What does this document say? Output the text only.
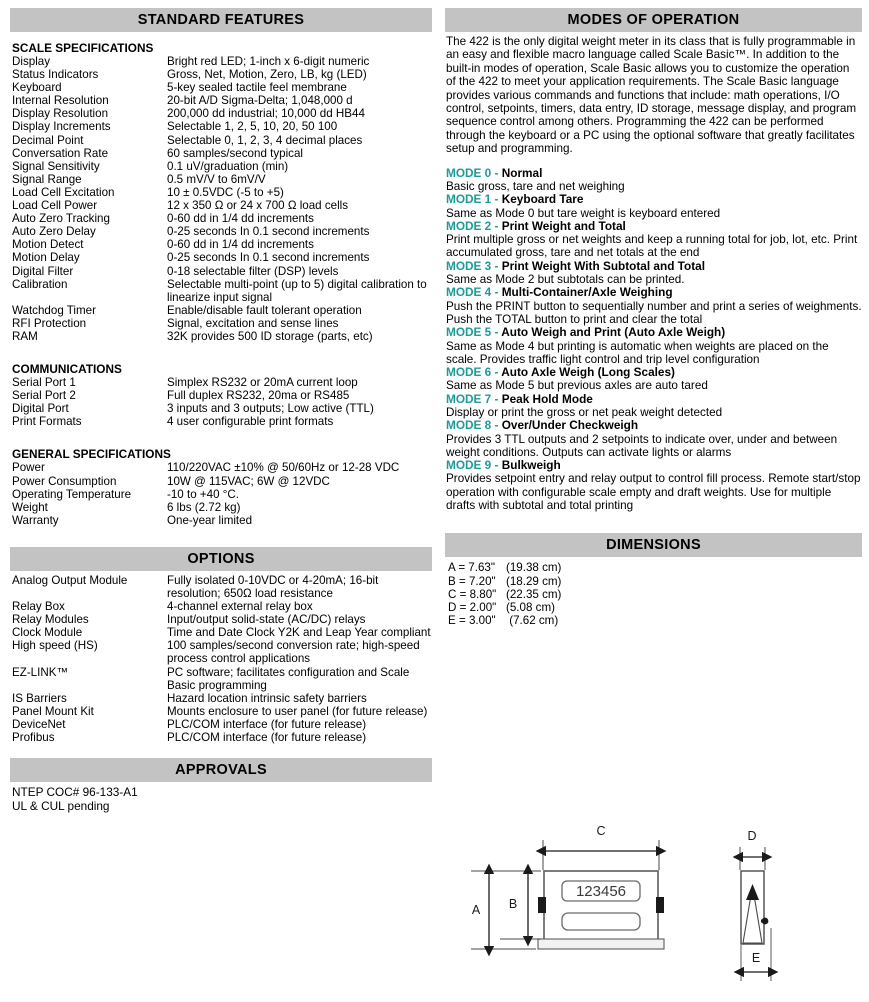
STANDARD FEATURES
SCALE SPECIFICATIONS
Display	Bright red LED; 1-inch x 6-digit numeric
Status Indicators	Gross, Net, Motion, Zero, LB, kg (LED)
Keyboard	5-key sealed tactile feel membrane
Internal Resolution	20-bit A/D Sigma-Delta; 1,048,000 d
Display Resolution	200,000 dd industrial; 10,000 dd HB44
Display Increments	Selectable 1, 2, 5, 10, 20, 50 100
Decimal Point	Selectable 0, 1, 2, 3, 4 decimal places
Conversation Rate	60 samples/second typical
Signal Sensitivity	0.1 uV/graduation (min)
Signal Range	0.5 mV/V to 6mV/V
Load Cell Excitation	10 ± 0.5VDC (-5 to +5)
Load Cell Power	12 x 350 Ω or 24 x 700 Ω load cells
Auto Zero Tracking	0-60 dd in 1/4 dd increments
Auto Zero Delay	0-25 seconds In 0.1 second increments
Motion Detect	0-60 dd in 1/4 dd increments
Motion Delay	0-25 seconds In 0.1 second increments
Digital Filter	0-18 selectable filter (DSP) levels
Calibration	Selectable multi-point (up to 5) digital calibration to linearize input signal
Watchdog Timer	Enable/disable fault tolerant operation
RFI Protection	Signal, excitation and sense lines
RAM	32K provides 500 ID storage (parts, etc)
COMMUNICATIONS
Serial Port 1	Simplex RS232 or 20mA current loop
Serial Port 2	Full duplex RS232, 20ma or RS485
Digital Port	3 inputs and 3 outputs; Low active (TTL)
Print Formats	4 user configurable print formats
GENERAL SPECIFICATIONS
Power	110/220VAC ±10% @ 50/60Hz or 12-28 VDC
Power Consumption	10W @ 115VAC; 6W @ 12VDC
Operating Temperature	-10 to +40 °C.
Weight	6 lbs (2.72 kg)
Warranty	One-year limited
OPTIONS
Analog Output Module	Fully isolated 0-10VDC or 4-20mA; 16-bit resolution; 650Ω load resistance
Relay Box	4-channel external relay box
Relay Modules	Input/output solid-state (AC/DC) relays
Clock Module	Time and Date Clock Y2K and Leap Year compliant
High speed (HS)	100 samples/second conversion rate; high-speed process control applications
EZ-LINK™	PC software; facilitates configuration and Scale Basic programming
IS Barriers	Hazard location intrinsic safety barriers
Panel Mount Kit	Mounts enclosure to user panel (for future release)
DeviceNet	PLC/COM interface (for future release)
Profibus	PLC/COM interface (for future release)
APPROVALS
NTEP COC# 96-133-A1
UL & CUL pending
MODES OF OPERATION
The 422 is the only digital weight meter in its class that is fully programmable in an easy and flexible macro language called Scale Basic™. In addition to the built-in modes of operation, Scale Basic allows you to customize the operation of the 422 to meet your application requirements. The Scale Basic language provides various commands and functions that include: math operations, I/O control, setpoints, timers, data entry, ID storage, message display, and program sequence control among others. Programming the 422 can be performed through the keyboard or a PC using the optional software that greatly facilitates setup and programming.
MODE 0 - Normal
Basic gross, tare and net weighing
MODE 1 - Keyboard Tare
Same as Mode 0 but tare weight is keyboard entered
MODE 2 - Print Weight and Total
Print multiple gross or net weights and keep a running total for job, lot, etc. Print accumulated gross, tare and net totals at the end
MODE 3 - Print Weight With Subtotal and Total
Same as Mode 2 but subtotals can be printed.
MODE 4 - Multi-Container/Axle Weighing
Push the PRINT button to sequentially number and print a series of weighments. Push the TOTAL button to print and clear the total
MODE 5 - Auto Weigh and Print (Auto Axle Weigh)
Same as Mode 4 but printing is automatic when weights are placed on the scale. Provides traffic light control and trip level configuration
MODE 6 - Auto Axle Weigh (Long Scales)
Same as Mode 5 but previous axles are auto tared
MODE 7 - Peak Hold Mode
Display or print the gross or net peak weight detected
MODE 8 - Over/Under Checkweigh
Provides 3 TTL outputs and 2 setpoints to indicate over, under and between weight conditions. Outputs can activate lights or alarms
MODE 9 - Bulkweigh
Provides setpoint entry and relay output to control fill process. Remote start/stop operation with configurable scale empty and draft weights. Use for multiple drafts with subtotal and total printing
DIMENSIONS
A = 7.63" (19.38 cm)
B = 7.20" (18.29 cm)
C = 8.80" (22.35 cm)
D = 2.00" (5.08 cm)
E = 3.00" (7.62 cm)
123456
C
A B
D
E
